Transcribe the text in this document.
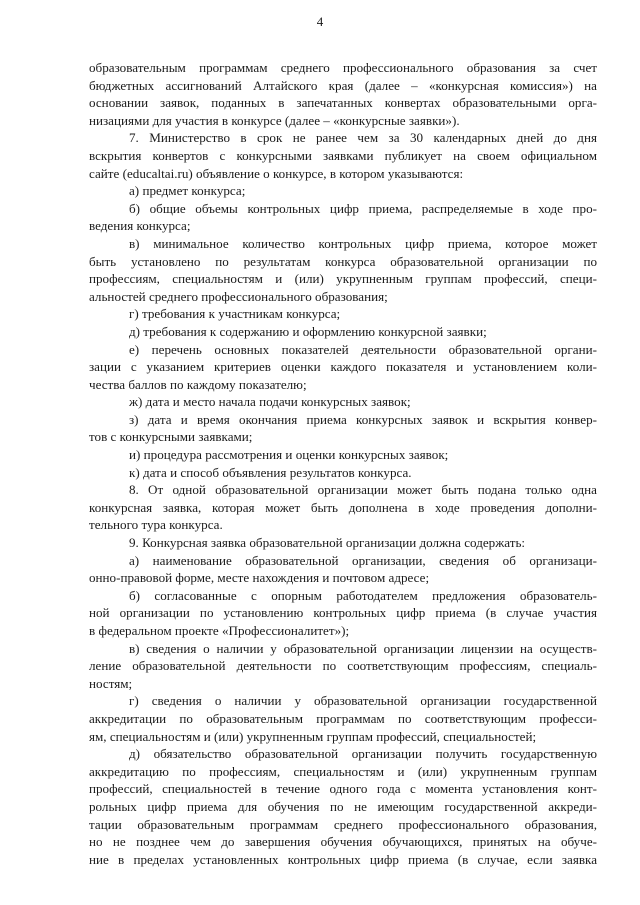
4

образовательным программам среднего профессионального образования за счет

бюджетных ассигнований Алтайского края (далее – «конкурсная комиссия») на

основании заявок, поданных в запечатанных конвертах образовательными орга-

низациями для участия в конкурсе (далее – «конкурсные заявки»).

7. Министерство в срок не ранее чем за 30 календарных дней до дня

вскрытия конвертов с конкурсными заявками публикует на своем официальном

сайте (educaltai.ru) объявление о конкурсе, в котором указываются:

а) предмет конкурса;

б) общие объемы контрольных цифр приема, распределяемые в ходе про-

ведения конкурса;

в) минимальное количество контрольных цифр приема, которое может

быть установлено по результатам конкурса образовательной организации по

профессиям, специальностям и (или) укрупненным группам профессий, специ-

альностей среднего профессионального образования;

г) требования к участникам конкурса;

д) требования к содержанию и оформлению конкурсной заявки;

е) перечень основных показателей деятельности образовательной органи-

зации с указанием критериев оценки каждого показателя и установлением коли-

чества баллов по каждому показателю;

ж) дата и место начала подачи конкурсных заявок;

з) дата и время окончания приема конкурсных заявок и вскрытия конвер-

тов с конкурсными заявками;

и) процедура рассмотрения и оценки конкурсных заявок;

к) дата и способ объявления результатов конкурса.

8. От одной образовательной организации может быть подана только одна

конкурсная заявка, которая может быть дополнена в ходе проведения дополни-

тельного тура конкурса.

9. Конкурсная заявка образовательной организации должна содержать:

а) наименование образовательной организации, сведения об организаци-

онно-правовой форме, месте нахождения и почтовом адресе;

б) согласованные с опорным работодателем предложения образователь-

ной организации по установлению контрольных цифр приема (в случае участия

в федеральном проекте «Профессионалитет»);

в) сведения о наличии у образовательной организации лицензии на осуществ-

ление образовательной деятельности по соответствующим профессиям, специаль-

ностям;

г) сведения о наличии у образовательной организации государственной

аккредитации по образовательным программам по соответствующим професси-

ям, специальностям и (или) укрупненным группам профессий, специальностей;

д) обязательство образовательной организации получить государственную

аккредитацию по профессиям, специальностям и (или) укрупненным группам

профессий, специальностей в течение одного года с момента установления конт-

рольных цифр приема для обучения по не имеющим государственной аккреди-

тации образовательным программам среднего профессионального образования,

но не позднее чем до завершения обучения обучающихся, принятых на обуче-

ние в пределах установленных контрольных цифр приема (в случае, если заявка
